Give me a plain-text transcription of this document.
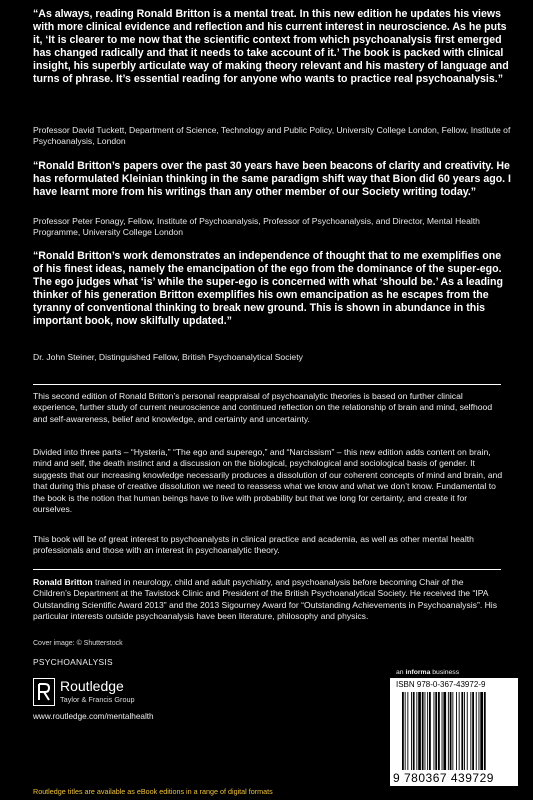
“As always, reading Ronald Britton is a mental treat. In this new edition he updates his views with more clinical evidence and reflection and his current interest in neuroscience. As he puts it, ‘It is clearer to me now that the scientific context from which psychoanalysis first emerged has changed radically and that it needs to take account of it.’ The book is packed with clinical insight, his superbly articulate way of making theory relevant and his mastery of language and turns of phrase. It’s essential reading for anyone who wants to practice real psychoanalysis.”
Professor David Tuckett, Department of Science, Technology and Public Policy, University College London, Fellow, Institute of Psychoanalysis, London
“Ronald Britton’s papers over the past 30 years have been beacons of clarity and creativity. He has reformulated Kleinian thinking in the same paradigm shift way that Bion did 60 years ago. I have learnt more from his writings than any other member of our Society writing today.”
Professor Peter Fonagy, Fellow, Institute of Psychoanalysis, Professor of Psychoanalysis, and Director, Mental Health Programme, University College London
“Ronald Britton’s work demonstrates an independence of thought that to me exemplifies one of his finest ideas, namely the emancipation of the ego from the dominance of the super-ego. The ego judges what ‘is’ while the super-ego is concerned with what ‘should be.’ As a leading thinker of his generation Britton exemplifies his own emancipation as he escapes from the tyranny of conventional thinking to break new ground. This is shown in abundance in this important book, now skilfully updated.”
Dr. John Steiner, Distinguished Fellow, British Psychoanalytical Society
This second edition of Ronald Britton’s personal reappraisal of psychoanalytic theories is based on further clinical experience, further study of current neuroscience and continued reflection on the relationship of brain and mind, selfhood and self-awareness, belief and knowledge, and certainty and uncertainty.
Divided into three parts – “Hysteria,” “The ego and superego,” and “Narcissism” – this new edition adds content on brain, mind and self, the death instinct and a discussion on the biological, psychological and sociological basis of gender. It suggests that our increasing knowledge necessarily produces a dissolution of our coherent concepts of mind and brain, and that during this phase of creative dissolution we need to reassess what we know and what we don’t know. Fundamental to the book is the notion that human beings have to live with probability but that we long for certainty, and create it for ourselves.
This book will be of great interest to psychoanalysts in clinical practice and academia, as well as other mental health professionals and those with an interest in psychoanalytic theory.
Ronald Britton trained in neurology, child and adult psychiatry, and psychoanalysis before becoming Chair of the Children’s Department at the Tavistock Clinic and President of the British Psychoanalytical Society. He received the “IPA Outstanding Scientific Award 2013” and the 2013 Sigourney Award for “Outstanding Achievements in Psychoanalysis”. His particular interests outside psychoanalysis have been literature, philosophy and physics.
Cover image: © Shutterstock
PSYCHOANALYSIS
Routledge
Taylor & Francis Group
www.routledge.com/mentalhealth
Routledge titles are available as eBook editions in a range of digital formats
an informa business
ISBN 978-0-367-43972-9
9 780367 439729
